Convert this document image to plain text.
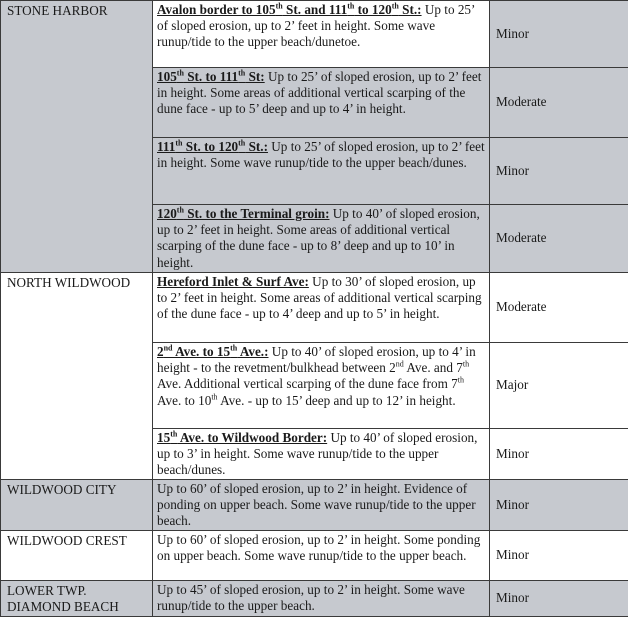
STONE HARBOR	Avalon border to 105th St. and 111th to 120th St.: Up to 25’ of sloped erosion, up to 2’ feet in height. Some wave runup/tide to the upper beach/dunetoe.	Minor
	105th St. to 111th St: Up to 25’ of sloped erosion, up to 2’ feet in height. Some areas of additional vertical scarping of the dune face - up to 5’ deep and up to 4’ in height.	Moderate
	111th St. to 120th St.: Up to 25’ of sloped erosion, up to 2’ feet in height. Some wave runup/tide to the upper beach/dunes.	Minor
	120th St. to the Terminal groin: Up to 40’ of sloped erosion, up to 2’ feet in height. Some areas of additional vertical scarping of the dune face - up to 8’ deep and up to 10’ in height.	Moderate

NORTH WILDWOOD	Hereford Inlet & Surf Ave: Up to 30’ of sloped erosion, up to 2’ feet in height. Some areas of additional vertical scarping of the dune face - up to 4’ deep and up to 5’ in height.	Moderate
	2nd Ave. to 15th Ave.: Up to 40’ of sloped erosion, up to 4’ in height - to the revetment/bulkhead between 2nd Ave. and 7th Ave. Additional vertical scarping of the dune face from 7th Ave. to 10th Ave. - up to 15’ deep and up to 12’ in height.	Major
	15th Ave. to Wildwood Border: Up to 40’ of sloped erosion, up to 3’ in height. Some wave runup/tide to the upper beach/dunes.	Minor

WILDWOOD CITY	Up to 60’ of sloped erosion, up to 2’ in height. Evidence of ponding on upper beach. Some wave runup/tide to the upper beach.	Minor

WILDWOOD CREST	Up to 60’ of sloped erosion, up to 2’ in height. Some ponding on upper beach. Some wave runup/tide to the upper beach.	Minor

LOWER TWP.
DIAMOND BEACH	Up to 45’ of sloped erosion, up to 2’ in height. Some wave runup/tide to the upper beach.	Minor
